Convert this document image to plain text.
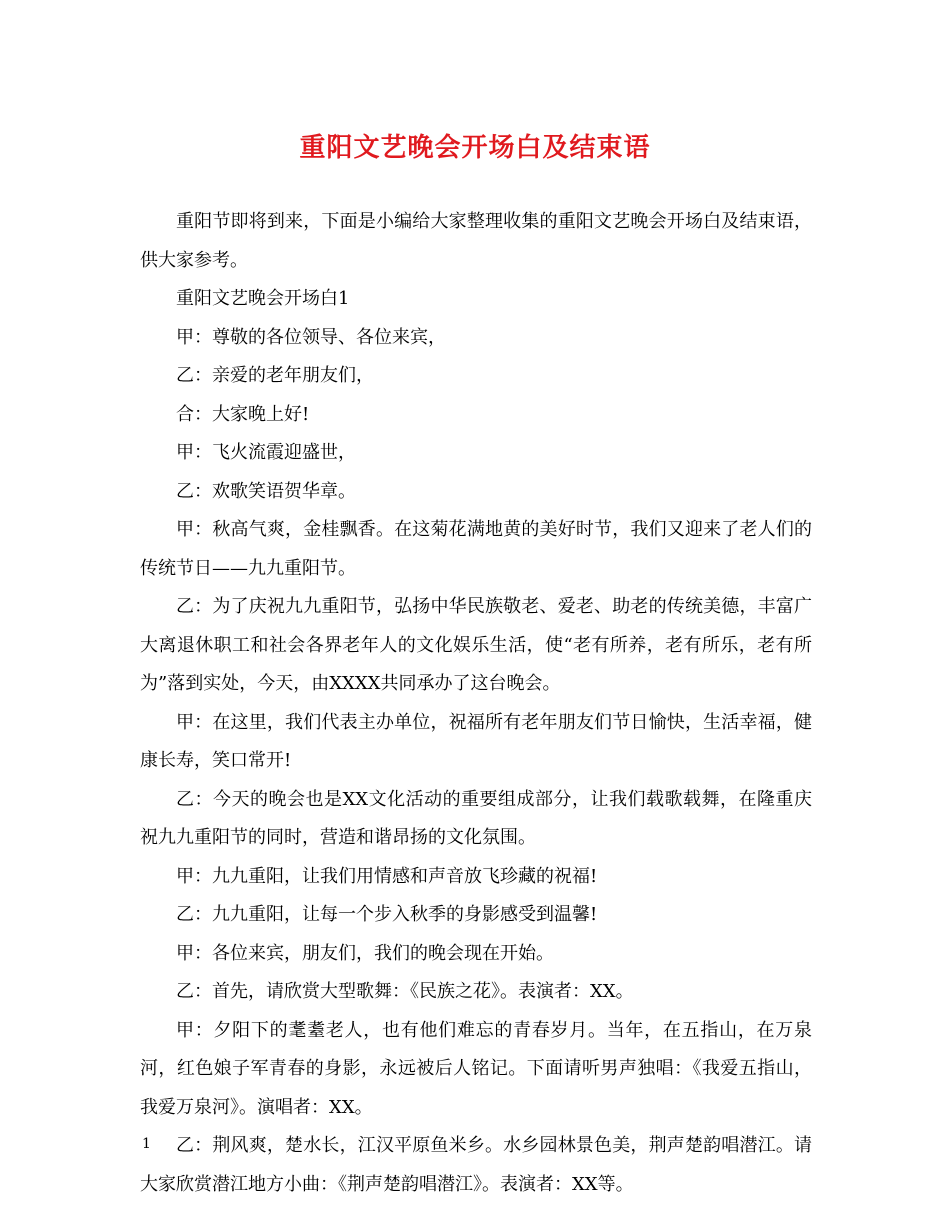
重阳文艺晚会开场白及结束语

重阳节即将到来，下面是小编给大家整理收集的重阳文艺晚会开场白及结束语，供大家参考。

重阳文艺晚会开场白1

甲：尊敬的各位领导、各位来宾，

乙：亲爱的老年朋友们，

合：大家晚上好!

甲：飞火流霞迎盛世，

乙：欢歌笑语贺华章。

甲：秋高气爽，金桂飘香。在这菊花满地黄的美好时节，我们又迎来了老人们的传统节日——九九重阳节。

乙：为了庆祝九九重阳节，弘扬中华民族敬老、爱老、助老的传统美德，丰富广大离退休职工和社会各界老年人的文化娱乐生活，使“老有所养，老有所乐，老有所为”落到实处，今天，由XXXX共同承办了这台晚会。

甲：在这里，我们代表主办单位，祝福所有老年朋友们节日愉快，生活幸福，健康长寿，笑口常开!

乙：今天的晚会也是XX文化活动的重要组成部分，让我们载歌载舞，在隆重庆祝九九重阳节的同时，营造和谐昂扬的文化氛围。

甲：九九重阳，让我们用情感和声音放飞珍藏的祝福!

乙：九九重阳，让每一个步入秋季的身影感受到温馨!

甲：各位来宾，朋友们，我们的晚会现在开始。

乙：首先，请欣赏大型歌舞：《民族之花》。表演者：XX。

甲：夕阳下的耄耋老人，也有他们难忘的青春岁月。当年，在五指山，在万泉河，红色娘子军青春的身影，永远被后人铭记。下面请听男声独唱：《我爱五指山，我爱万泉河》。演唱者：XX。

乙：荆风爽，楚水长，江汉平原鱼米乡。水乡园林景色美，荆声楚韵唱潜江。请大家欣赏潜江地方小曲：《荆声楚韵唱潜江》。表演者：XX等。

1
